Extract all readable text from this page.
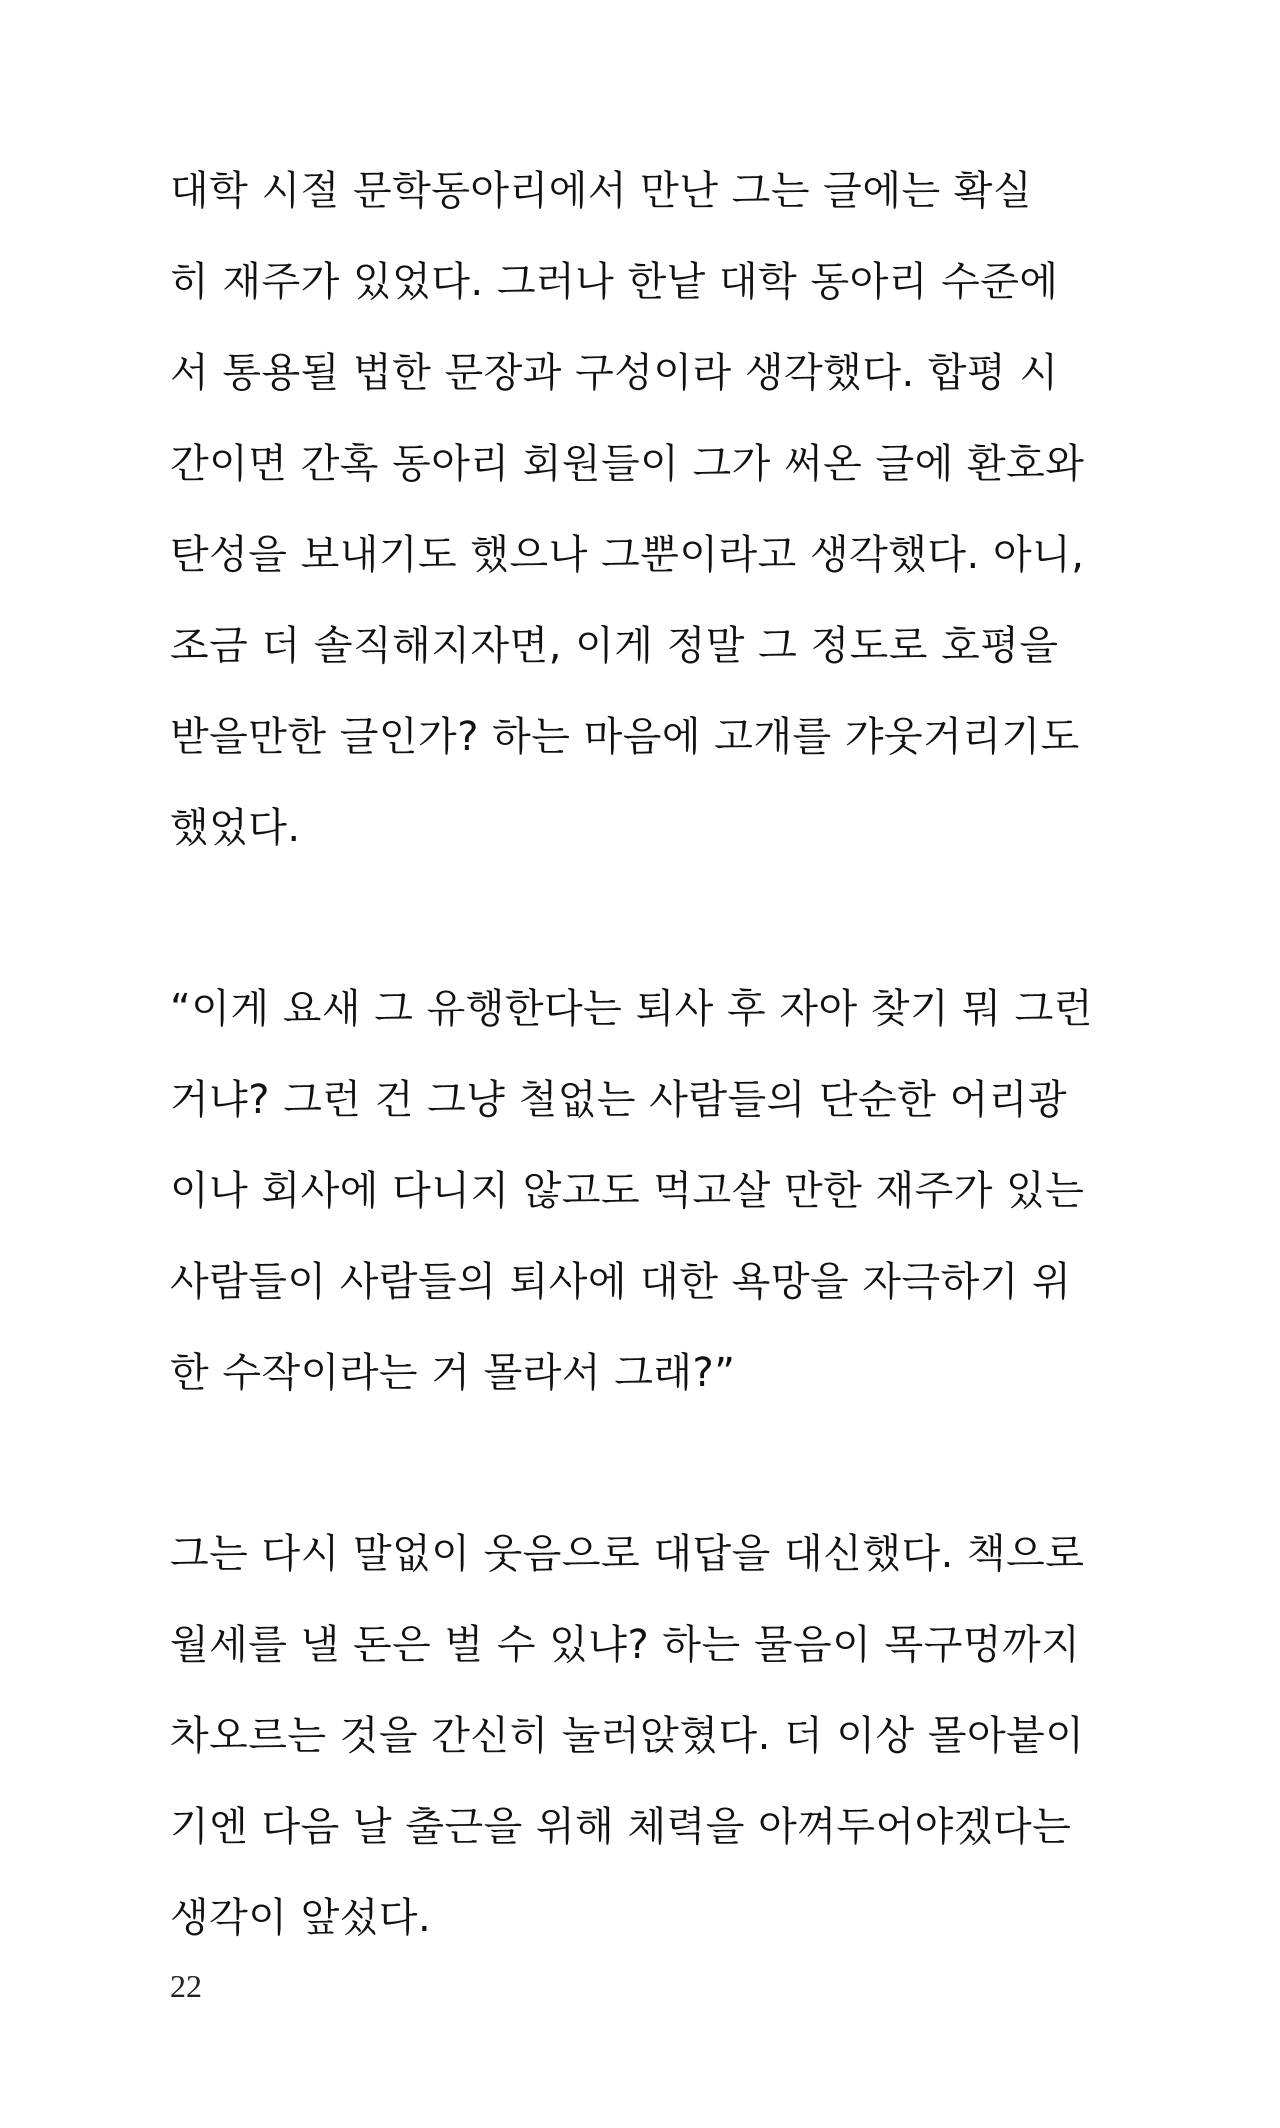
대학 시절 문학동아리에서 만난 그는 글에는 확실
히 재주가 있었다. 그러나 한낱 대학 동아리 수준에
서 통용될 법한 문장과 구성이라 생각했다. 합평 시
간이면 간혹 동아리 회원들이 그가 써온 글에 환호와
탄성을 보내기도 했으나 그뿐이라고 생각했다. 아니,
조금 더 솔직해지자면, 이게 정말 그 정도로 호평을
받을만한 글인가? 하는 마음에 고개를 갸웃거리기도
했었다.
“이게 요새 그 유행한다는 퇴사 후 자아 찾기 뭐 그런
거냐? 그런 건 그냥 철없는 사람들의 단순한 어리광
이나 회사에 다니지 않고도 먹고살 만한 재주가 있는
사람들이 사람들의 퇴사에 대한 욕망을 자극하기 위
한 수작이라는 거 몰라서 그래?”
그는 다시 말없이 웃음으로 대답을 대신했다. 책으로
월세를 낼 돈은 벌 수 있냐? 하는 물음이 목구멍까지
차오르는 것을 간신히 눌러앉혔다. 더 이상 몰아붙이
기엔 다음 날 출근을 위해 체력을 아껴두어야겠다는
생각이 앞섰다.
22
